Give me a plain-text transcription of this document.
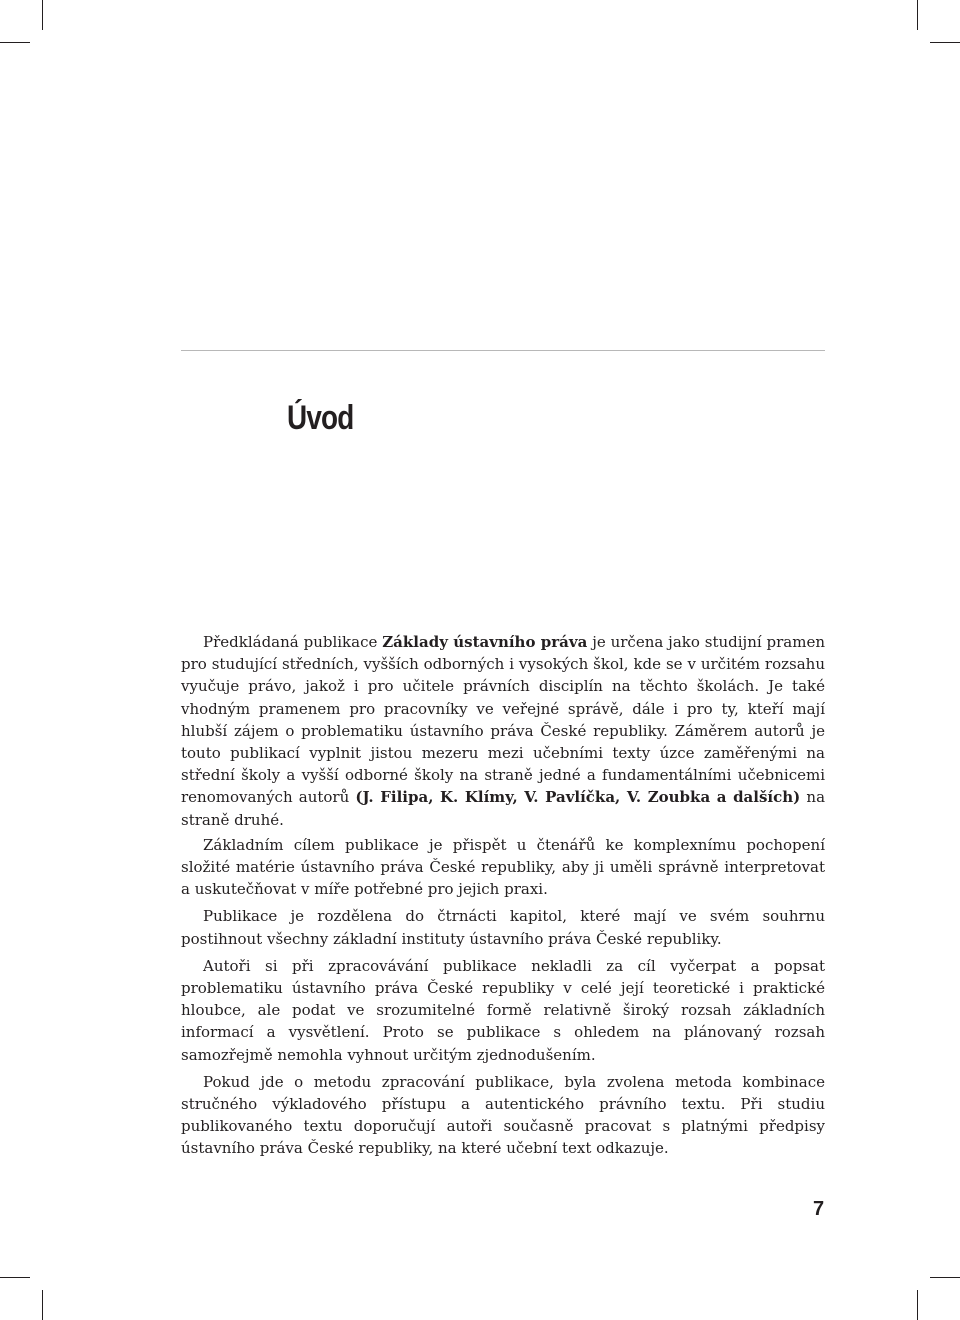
Úvod

Předkládaná publikace Základy ústavního práva je určena jako studijní pramen pro studující středních, vyšších odborných i vysokých škol, kde se v určitém rozsahu vyučuje právo, jakož i pro učitele právních disciplín na těchto školách. Je také vhodným pramenem pro pracovníky ve veřejné správě, dále i pro ty, kteří mají hlubší zájem o problematiku ústavního práva České republiky. Záměrem autorů je touto publikací vyplnit jistou mezeru mezi učebními texty úzce zaměřenými na střední školy a vyšší odborné školy na straně jedné a fundamentálními učebnicemi renomovaných autorů (J. Filipa, K. Klímy, V. Pavlíčka, V. Zoubka a dalších) na straně druhé.

Základním cílem publikace je přispět u čtenářů ke komplexnímu pochopení složité matérie ústavního práva České republiky, aby ji uměli správně interpretovat a uskutečňovat v míře potřebné pro jejich praxi.

Publikace je rozdělena do čtrnácti kapitol, které mají ve svém souhrnu postihnout všechny základní instituty ústavního práva České republiky.

Autoři si při zpracovávání publikace nekladli za cíl vyčerpat a popsat problematiku ústavního práva České republiky v celé její teoretické i praktické hloubce, ale podat ve srozumitelné formě relativně široký rozsah základních informací a vysvětlení. Proto se publikace s ohledem na plánovaný rozsah samozřejmě nemohla vyhnout určitým zjednodušením.

Pokud jde o metodu zpracování publikace, byla zvolena metoda kombinace stručného výkladového přístupu a autentického právního textu. Při studiu publikovaného textu doporučují autoři současně pracovat s platnými předpisy ústavního práva České republiky, na které učební text odkazuje.

7
